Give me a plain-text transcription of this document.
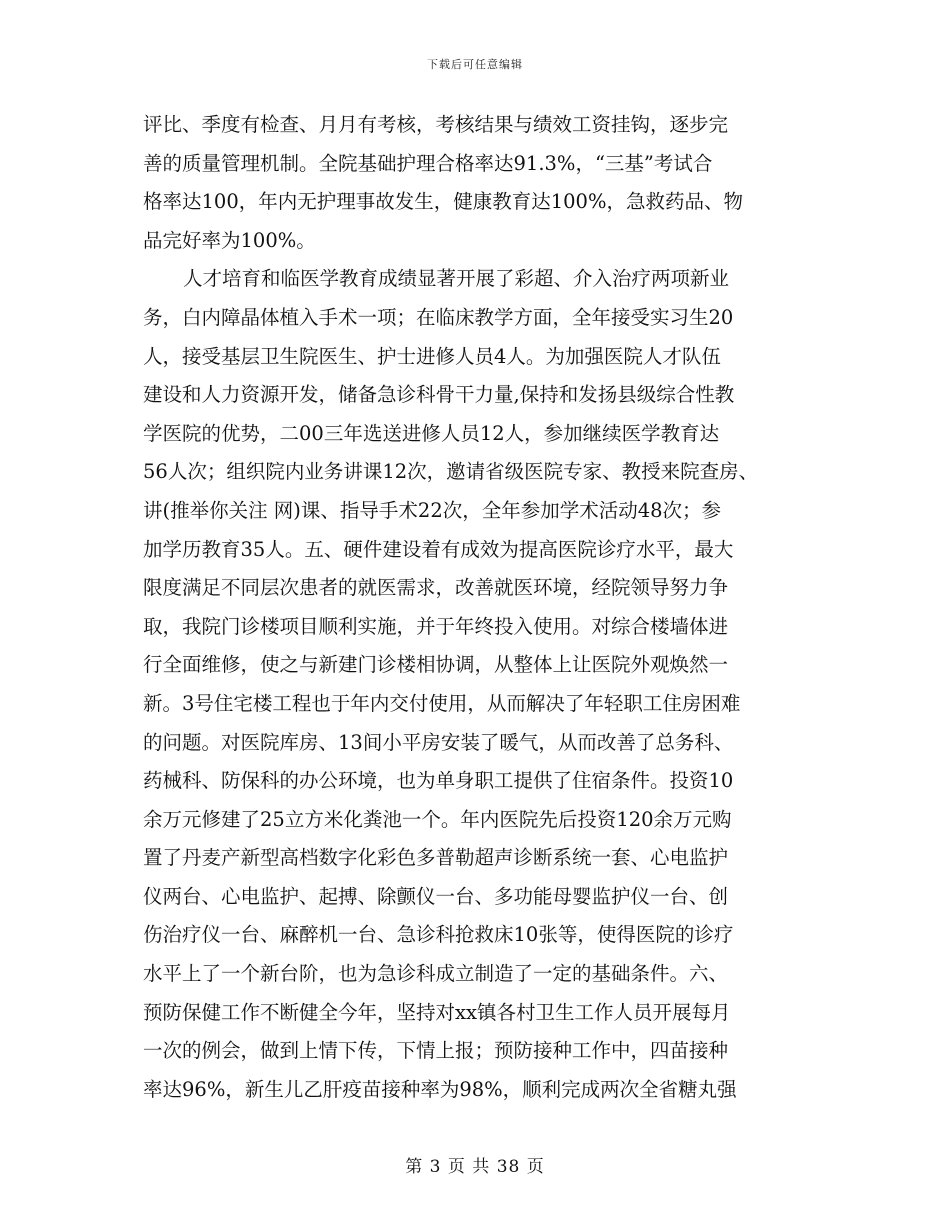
下载后可任意编辑
评比、季度有检查、月月有考核，考核结果与绩效工资挂钩，逐步完
善的质量管理机制。全院基础护理合格率达91.3%，“三基”考试合
格率达100，年内无护理事故发生，健康教育达100%，急救药品、物
品完好率为100%。
人才培育和临医学教育成绩显著开展了彩超、介入治疗两项新业
务，白内障晶体植入手术一项；在临床教学方面，全年接受实习生20
人，接受基层卫生院医生、护士进修人员4人。为加强医院人才队伍
建设和人力资源开发，储备急诊科骨干力量,保持和发扬县级综合性教
学医院的优势，二00三年选送进修人员12人，参加继续医学教育达
56人次；组织院内业务讲课12次，邀请省级医院专家、教授来院查房、
讲(推举你关注 网)课、指导手术22次，全年参加学术活动48次；参
加学历教育35人。五、硬件建设着有成效为提高医院诊疗水平，最大
限度满足不同层次患者的就医需求，改善就医环境，经院领导努力争
取，我院门诊楼项目顺利实施，并于年终投入使用。对综合楼墙体进
行全面维修，使之与新建门诊楼相协调，从整体上让医院外观焕然一
新。3号住宅楼工程也于年内交付使用，从而解决了年轻职工住房困难
的问题。对医院库房、13间小平房安装了暖气，从而改善了总务科、
药械科、防保科的办公环境，也为单身职工提供了住宿条件。投资10
余万元修建了25立方米化粪池一个。年内医院先后投资120余万元购
置了丹麦产新型高档数字化彩色多普勒超声诊断系统一套、心电监护
仪两台、心电监护、起搏、除颤仪一台、多功能母婴监护仪一台、创
伤治疗仪一台、麻醉机一台、急诊科抢救床10张等，使得医院的诊疗
水平上了一个新台阶，也为急诊科成立制造了一定的基础条件。六、
预防保健工作不断健全今年，坚持对xx镇各村卫生工作人员开展每月
一次的例会，做到上情下传，下情上报；预防接种工作中，四苗接种
率达96%，新生儿乙肝疫苗接种率为98%，顺利完成两次全省糖丸强
第 3 页 共 38 页
